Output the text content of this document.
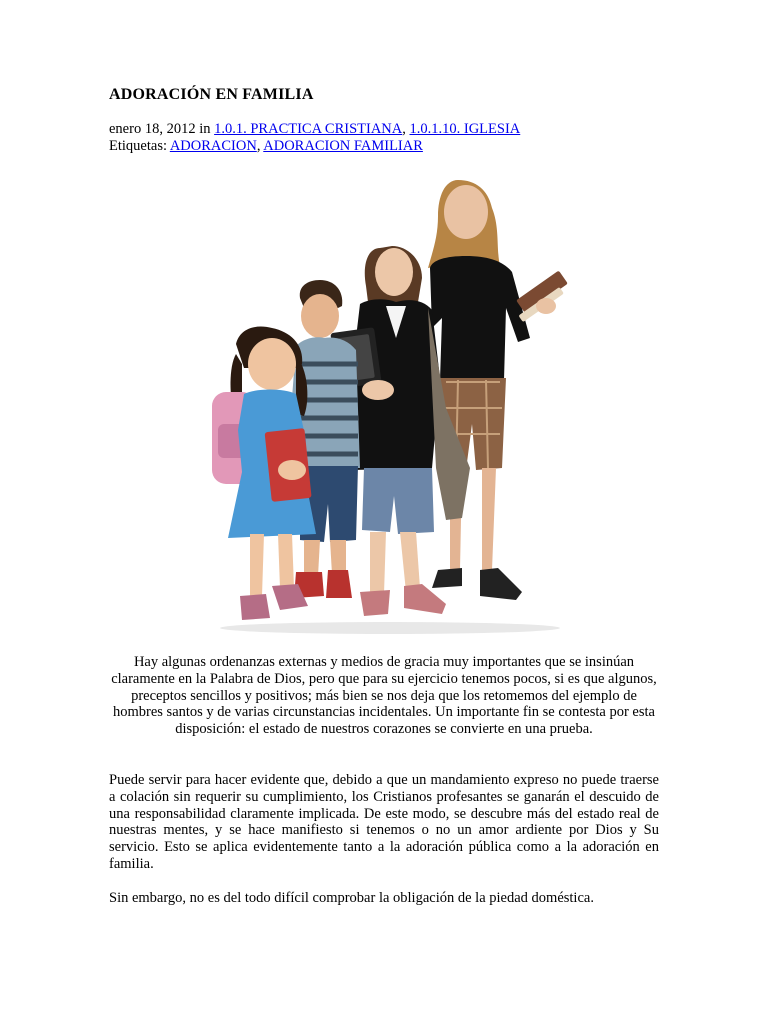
ADORACIÓN EN FAMILIA
enero 18, 2012 in 1.0.1. PRACTICA CRISTIANA, 1.0.1.10. IGLESIA
Etiquetas: ADORACION, ADORACION FAMILIAR

Hay algunas ordenanzas externas y medios de gracia muy importantes que se insinúan claramente en la Palabra de Dios, pero que para su ejercicio tenemos pocos, si es que algunos, preceptos sencillos y positivos; más bien se nos deja que los retomemos del ejemplo de hombres santos y de varias circunstancias incidentales. Un importante fin se contesta por esta disposición: el estado de nuestros corazones se convierte en una prueba.

Puede servir para hacer evidente que, debido a que un mandamiento expreso no puede traerse a colación sin requerir su cumplimiento, los Cristianos profesantes se ganarán el descuido de una responsabilidad claramente implicada. De este modo, se descubre más del estado real de nuestras mentes, y se hace manifiesto si tenemos o no un amor ardiente por Dios y Su servicio. Esto se aplica evidentemente tanto a la adoración pública como a la adoración en familia.

Sin embargo, no es del todo difícil comprobar la obligación de la piedad doméstica.
